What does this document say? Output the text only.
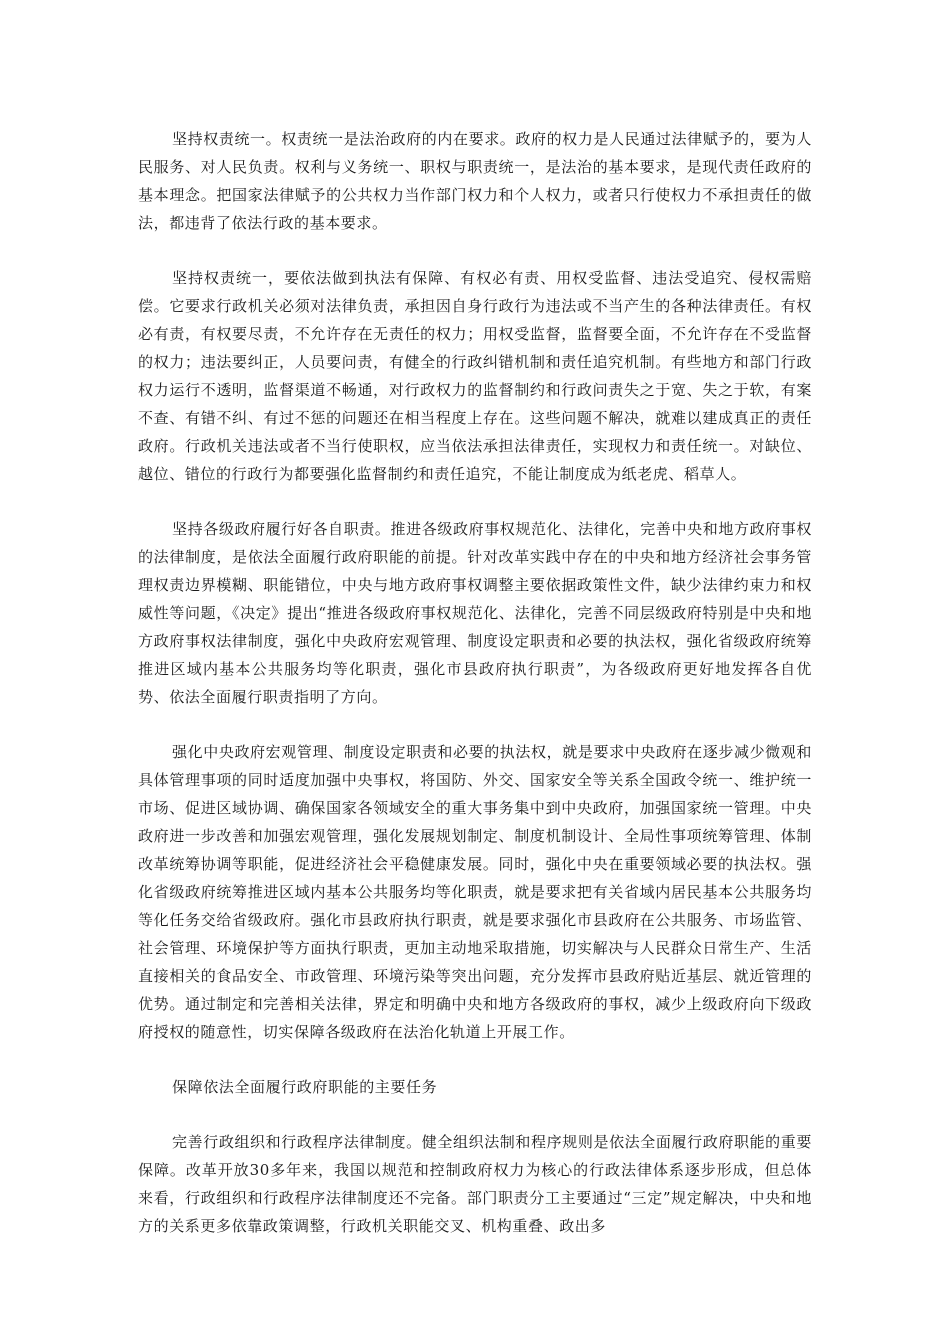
坚持权责统一。权责统一是法治政府的内在要求。政府的权力是人民通过法律赋予的，要为人民服务、对人民负责。权利与义务统一、职权与职责统一，是法治的基本要求，是现代责任政府的基本理念。把国家法律赋予的公共权力当作部门权力和个人权力，或者只行使权力不承担责任的做法，都违背了依法行政的基本要求。

坚持权责统一，要依法做到执法有保障、有权必有责、用权受监督、违法受追究、侵权需赔偿。它要求行政机关必须对法律负责，承担因自身行政行为违法或不当产生的各种法律责任。有权必有责，有权要尽责，不允许存在无责任的权力；用权受监督，监督要全面，不允许存在不受监督的权力；违法要纠正，人员要问责，有健全的行政纠错机制和责任追究机制。有些地方和部门行政权力运行不透明，监督渠道不畅通，对行政权力的监督制约和行政问责失之于宽、失之于软，有案不查、有错不纠、有过不惩的问题还在相当程度上存在。这些问题不解决，就难以建成真正的责任政府。行政机关违法或者不当行使职权，应当依法承担法律责任，实现权力和责任统一。对缺位、越位、错位的行政行为都要强化监督制约和责任追究，不能让制度成为纸老虎、稻草人。

坚持各级政府履行好各自职责。推进各级政府事权规范化、法律化，完善中央和地方政府事权的法律制度，是依法全面履行政府职能的前提。针对改革实践中存在的中央和地方经济社会事务管理权责边界模糊、职能错位，中央与地方政府事权调整主要依据政策性文件，缺少法律约束力和权威性等问题，《决定》提出“推进各级政府事权规范化、法律化，完善不同层级政府特别是中央和地方政府事权法律制度，强化中央政府宏观管理、制度设定职责和必要的执法权，强化省级政府统筹推进区域内基本公共服务均等化职责，强化市县政府执行职责”，为各级政府更好地发挥各自优势、依法全面履行职责指明了方向。

强化中央政府宏观管理、制度设定职责和必要的执法权，就是要求中央政府在逐步减少微观和具体管理事项的同时适度加强中央事权，将国防、外交、国家安全等关系全国政令统一、维护统一市场、促进区域协调、确保国家各领域安全的重大事务集中到中央政府，加强国家统一管理。中央政府进一步改善和加强宏观管理，强化发展规划制定、制度机制设计、全局性事项统筹管理、体制改革统筹协调等职能，促进经济社会平稳健康发展。同时，强化中央在重要领域必要的执法权。强化省级政府统筹推进区域内基本公共服务均等化职责，就是要求把有关省域内居民基本公共服务均等化任务交给省级政府。强化市县政府执行职责，就是要求强化市县政府在公共服务、市场监管、社会管理、环境保护等方面执行职责，更加主动地采取措施，切实解决与人民群众日常生产、生活直接相关的食品安全、市政管理、环境污染等突出问题，充分发挥市县政府贴近基层、就近管理的优势。通过制定和完善相关法律，界定和明确中央和地方各级政府的事权，减少上级政府向下级政府授权的随意性，切实保障各级政府在法治化轨道上开展工作。

保障依法全面履行政府职能的主要任务

完善行政组织和行政程序法律制度。健全组织法制和程序规则是依法全面履行政府职能的重要保障。改革开放30多年来，我国以规范和控制政府权力为核心的行政法律体系逐步形成，但总体来看，行政组织和行政程序法律制度还不完备。部门职责分工主要通过“三定”规定解决，中央和地方的关系更多依靠政策调整，行政机关职能交叉、机构重叠、政出多
